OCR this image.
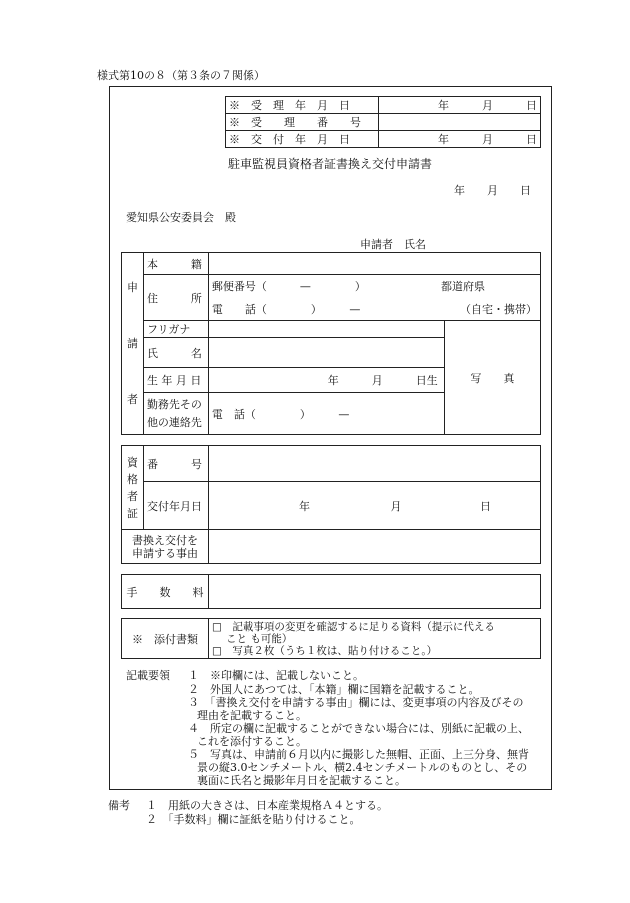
様式第10の８（第３条の７関係）
※　受　理　年　月　日	年　　　月　　　日
※　受　　理　　番　　号	
※　交　付　年　月　日	年　　　月　　　日
駐車監視員資格者証書換え交付申請書
年　　月　　日
愛知県公安委員会　殿
申請者　氏名
申
請
者	本　　　籍		
	住　　　所	郵便番号（　　　—　　　　） 都道府県	

		電　　話（　　　　）　　　— （自宅・携帯）	

	フリガナ		写　　真
	氏　　　名		
	生 年 月 日	年　　　月　　　日生	

	勤務先その
他の連絡先	電　話（　　　　）　　　—	
資
格
者
証	番　　　号	
	交付年月日	年 月 日
書換え交付を
申請する事由

手　　数　　料	
※　添付書類	
□　記載事項の変更を確認するに足りる資料（提示に代える
こと も可能）
□　写真２枚（うち１枚は、貼り付けること。）
記載要領 １　※印欄には、記載しないこと。
２　外国人にあつては、「本籍」欄に国籍を記載すること。
３　「書換え交付を申請する事由」欄には、変更事項の内容及びその
理由を記載すること。
４　所定の欄に記載することができない場合には、別紙に記載の上、
これを添付すること。
５　写真は、申請前６月以内に撮影した無帽、正面、上三分身、無背
景の縦3.0センチメートル、横2.4センチメートルのものとし、その
裏面に氏名と撮影年月日を記載すること。
備考 １　用紙の大きさは、日本産業規格Ａ４とする。
２　「手数料」欄に証紙を貼り付けること。
